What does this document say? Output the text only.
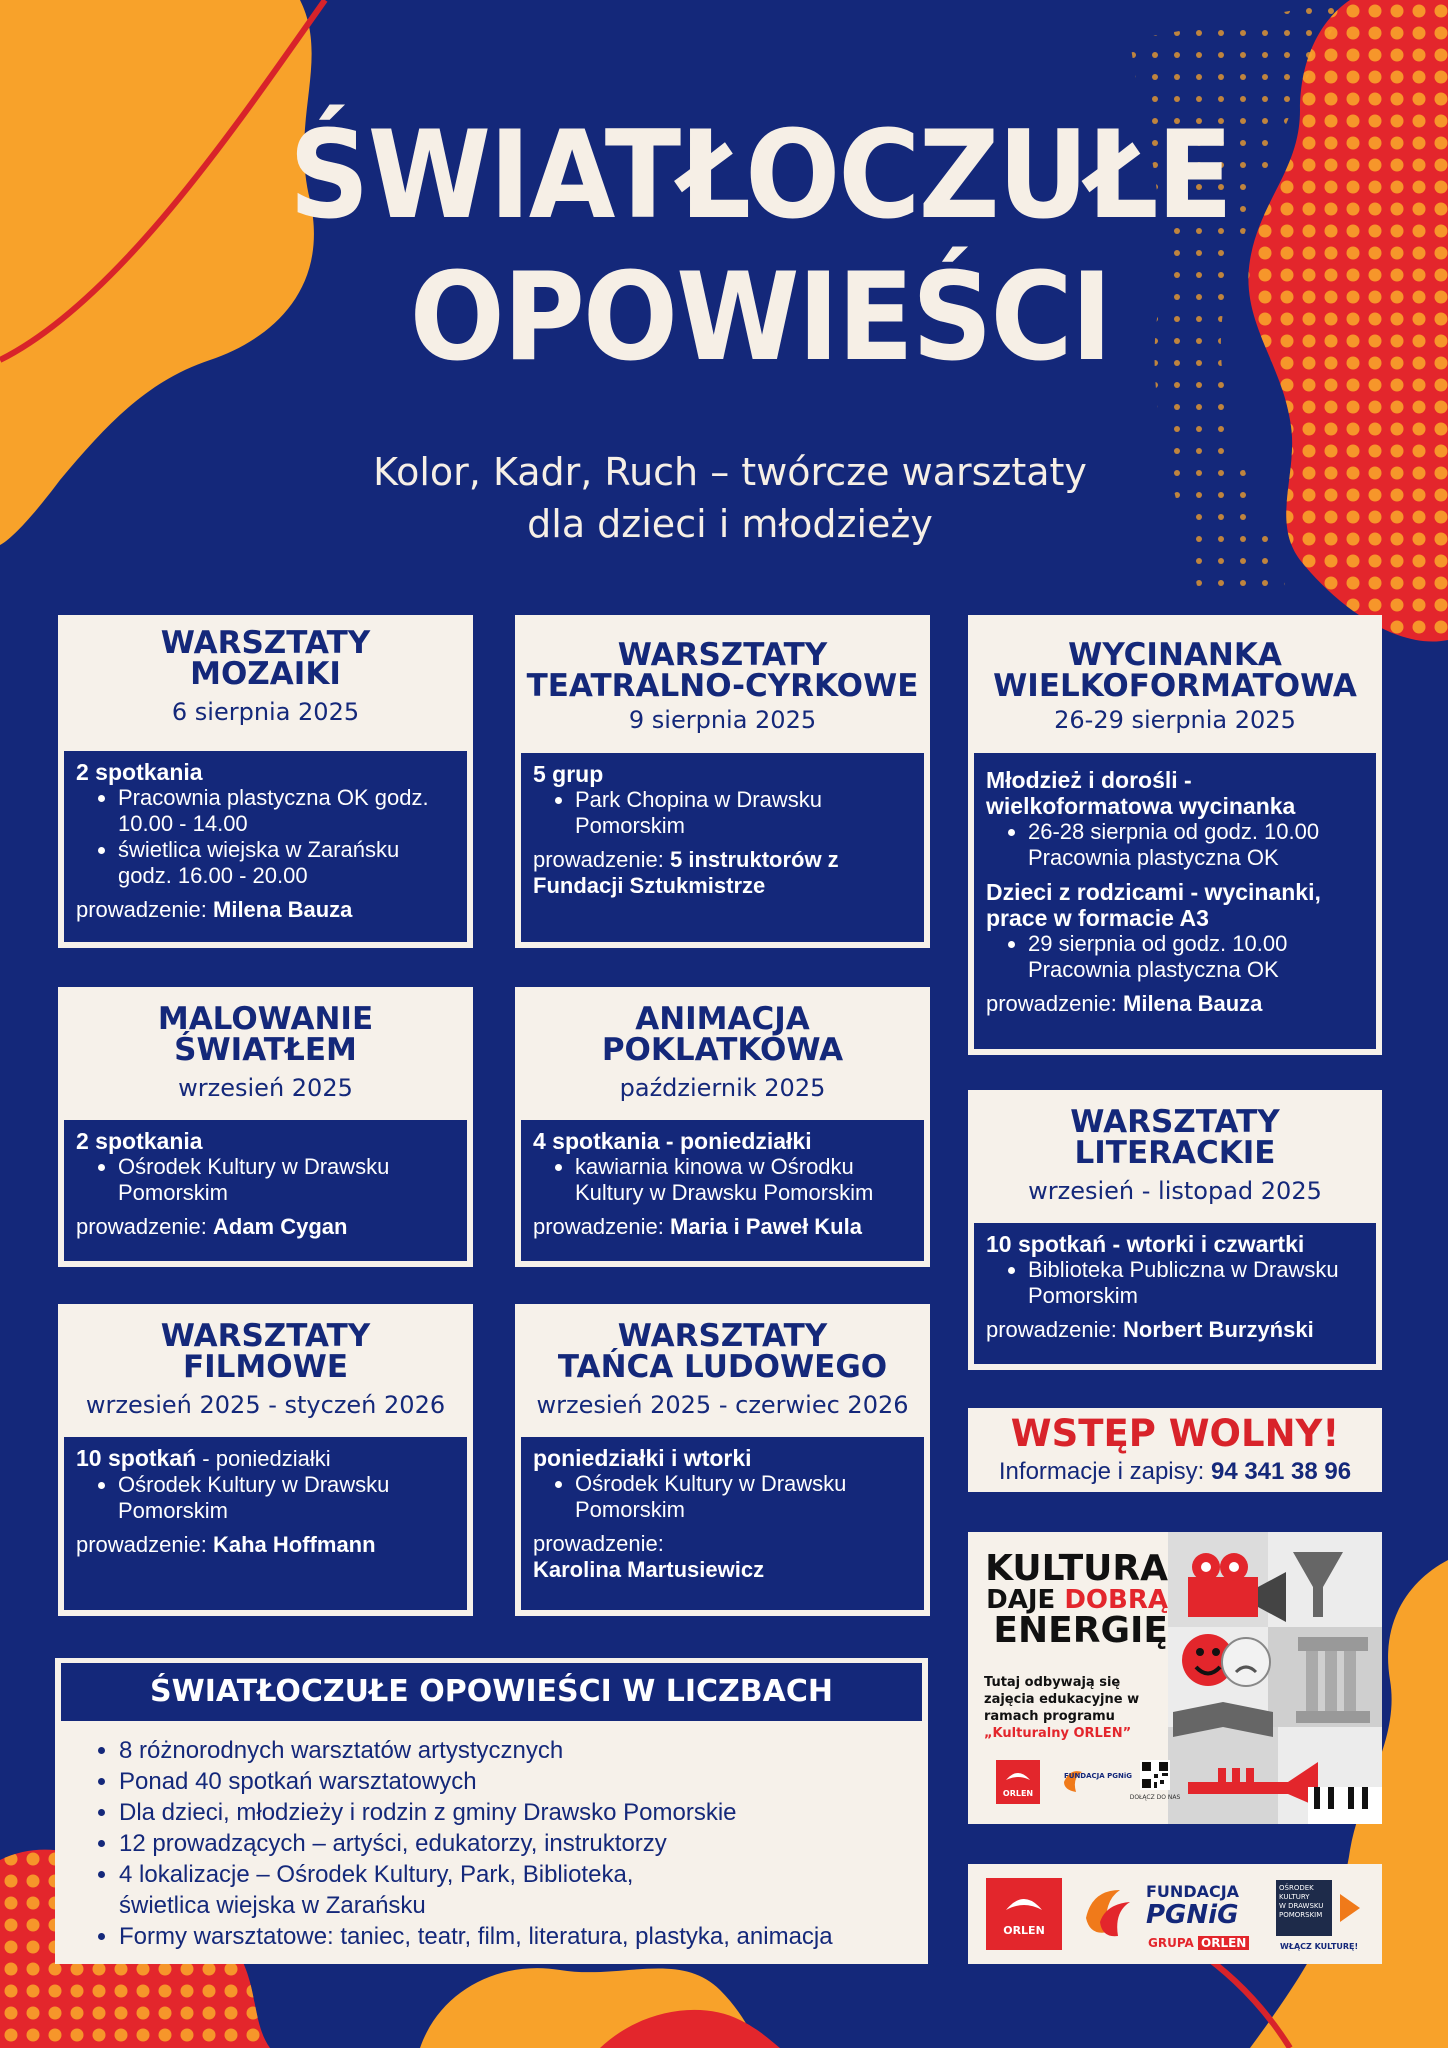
ŚWIATŁOCZUŁE
OPOWIEŚCI
Kolor, Kadr, Ruch – twórcze warsztaty
dla dzieci i młodzieży
WARSZTATY
MOZAIKI
6 sierpnia 2025
2 spotkania
• Pracownia plastyczna OK godz. 10.00 - 14.00
• świetlica wiejska w Zarańsku godz. 16.00 - 20.00
prowadzenie: Milena Bauza
WARSZTATY
TEATRALNO-CYRKOWE
9 sierpnia 2025
5 grup
• Park Chopina w Drawsku Pomorskim
prowadzenie: 5 instruktorów z Fundacji Sztukmistrze
WYCINANKA
WIELKOFORMATOWA
26-29 sierpnia 2025
Młodzież i dorośli - wielkoformatowa wycinanka
• 26-28 sierpnia od godz. 10.00 Pracownia plastyczna OK
Dzieci z rodzicami - wycinanki, prace w formacie A3
• 29 sierpnia od godz. 10.00 Pracownia plastyczna OK
prowadzenie: Milena Bauza
MALOWANIE
ŚWIATŁEM
wrzesień 2025
2 spotkania
• Ośrodek Kultury w Drawsku Pomorskim
prowadzenie: Adam Cygan
ANIMACJA
POKLATKOWA
październik 2025
4 spotkania - poniedziałki
• kawiarnia kinowa w Ośrodku Kultury w Drawsku Pomorskim
prowadzenie: Maria i Paweł Kula
WARSZTATY
LITERACKIE
wrzesień - listopad 2025
10 spotkań - wtorki i czwartki
• Biblioteka Publiczna w Drawsku Pomorskim
prowadzenie: Norbert Burzyński
WARSZTATY
FILMOWE
wrzesień 2025 - styczeń 2026
10 spotkań - poniedziałki
• Ośrodek Kultury w Drawsku Pomorskim
prowadzenie: Kaha Hoffmann
WARSZTATY
TAŃCA LUDOWEGO
wrzesień 2025 - czerwiec 2026
poniedziałki i wtorki
• Ośrodek Kultury w Drawsku Pomorskim
prowadzenie:
Karolina Martusiewicz
WSTĘP WOLNY!
Informacje i zapisy: 94 341 38 96
KULTURA
DAJE DOBRĄ
ENERGIĘ
Tutaj odbywają się zajęcia edukacyjne w ramach programu
„Kulturalny ORLEN”
ORLEN
FUNDACJA PGNiG
DOŁĄCZ DO NAS
ŚWIATŁOCZUŁE OPOWIEŚCI W LICZBACH
• 8 różnorodnych warsztatów artystycznych
• Ponad 40 spotkań warsztatowych
• Dla dzieci, młodzieży i rodzin z gminy Drawsko Pomorskie
• 12 prowadzących – artyści, edukatorzy, instruktorzy
• 4 lokalizacje – Ośrodek Kultury, Park, Biblioteka, świetlica wiejska w Zarańsku
• Formy warsztatowe: taniec, teatr, film, literatura, plastyka, animacja	ORLEN
FUNDACJA
PGNiG
GRUPA ORLEN
OŚRODEK
KULTURY
W DRAWSKU
POMORSKIM
WŁĄCZ KULTURĘ!
